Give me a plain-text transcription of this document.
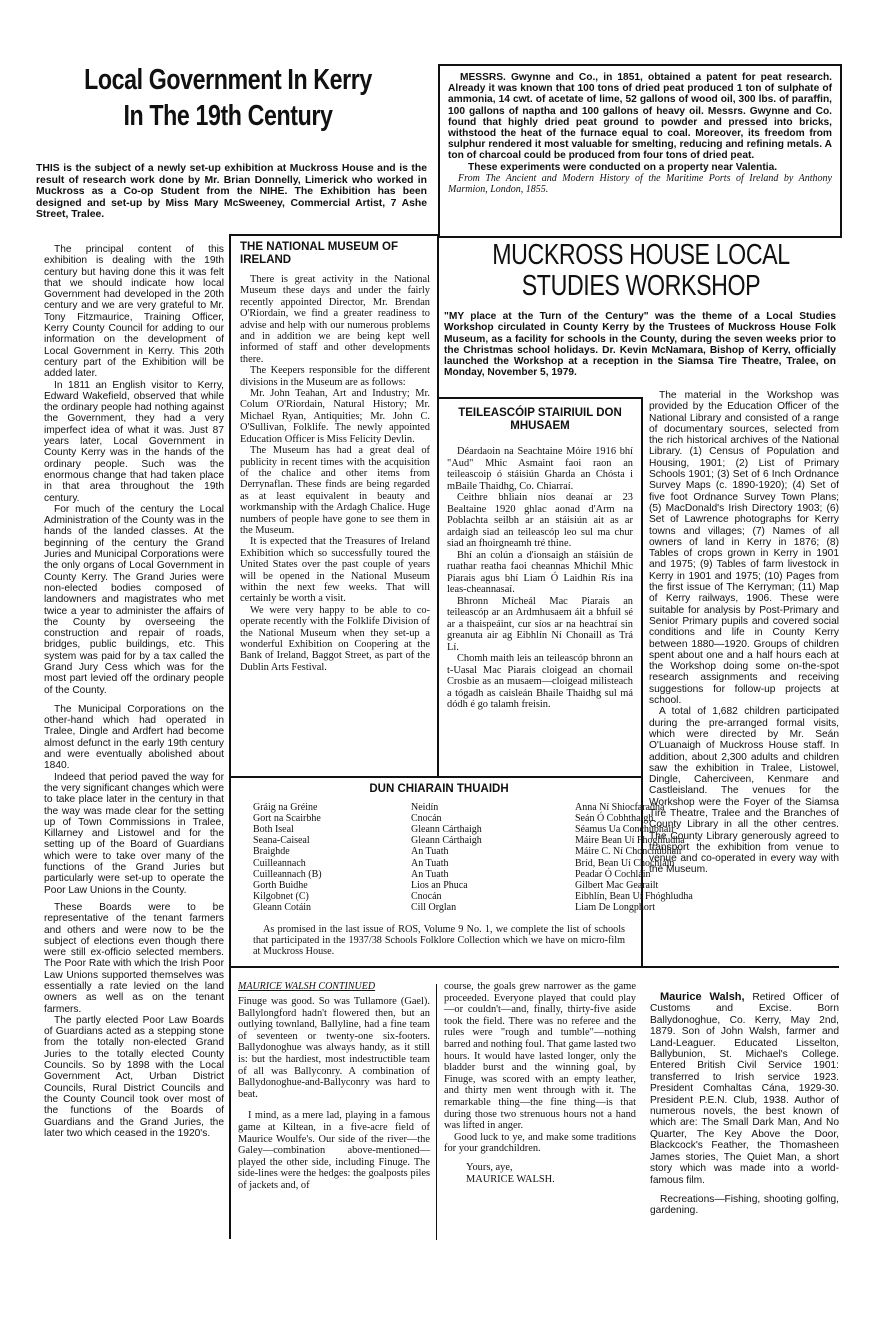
Local Government In Kerry
In The 19th Century

THIS is the subject of a newly set-up exhibition at Muckross House and is the result of research work done by Mr. Brian Donnelly, Limerick who worked in Muckross as a Co-op Student from the NIHE. The Exhibition has been designed and set-up by Miss Mary McSweeney, Commercial Artist, 7 Ashe Street, Tralee.

The principal content of this exhibition is dealing with the 19th century but having done this it was felt that we should indicate how local Government had developed in the 20th century and we are very grateful to Mr. Tony Fitzmaurice, Training Officer, Kerry County Council for adding to our information on the development of Local Government in Kerry. This 20th century part of the Exhibition will be added later.

In 1811 an English visitor to Kerry, Edward Wakefield, observed that while the ordinary people had nothing against the Government, they had a very imperfect idea of what it was. Just 87 years later, Local Government in County Kerry was in the hands of the ordinary people. Such was the enormous change that had taken place in that area throughout the 19th century.

For much of the century the Local Administration of the County was in the hands of the landed classes. At the beginning of the century the Grand Juries and Municipal Corporations were the only organs of Local Government in County Kerry. The Grand Juries were non-elected bodies composed of landowners and magistrates who met twice a year to administer the affairs of the County by overseeing the construction and repair of roads, bridges, public buildings, etc. This system was paid for by a tax called the Grand Jury Cess which was for the most part levied off the ordinary people of the County.

The Municipal Corporations on the other-hand which had operated in Tralee, Dingle and Ardfert had become almost defunct in the early 19th century and were eventually abolished about 1840.

Indeed that period paved the way for the very significant changes which were to take place later in the century in that the way was made clear for the setting up of Town Commissions in Tralee, Killarney and Listowel and for the setting up of the Board of Guardians which were to take over many of the functions of the Grand Juries but particularly were set-up to operate the Poor Law Unions in the County.

These Boards were to be representative of the tenant farmers and others and were now to be the subject of elections even though there were still ex-officio selected members. The Poor Rate with which the Irish Poor Law Unions supported themselves was essentially a rate levied on the land owners as well as on the tenant farmers.

The partly elected Poor Law Boards of Guardians acted as a stepping stone from the totally non-elected Grand Juries to the totally elected County Councils. So by 1898 with the Local Government Act, Urban District Councils, Rural District Councils and the County Council took over most of the functions of the Boards of Guardians and the Grand Juries, the later two which ceased in the 1920's.

MESSRS. Gwynne and Co., in 1851, obtained a patent for peat research. Already it was known that 100 tons of dried peat produced 1 ton of sulphate of ammonia, 14 cwt. of acetate of lime, 52 gallons of wood oil, 300 lbs. of paraffin, 100 gallons of naptha and 100 gallons of heavy oil. Messrs. Gwynne and Co. found that highly dried peat ground to powder and pressed into bricks, withstood the heat of the furnace equal to coal. Moreover, its freedom from sulphur rendered it most valuable for smelting, reducing and refining metals. A ton of charcoal could be produced from four tons of dried peat.

These experiments were conducted on a property near Valentia.

From The Ancient and Modern History of the Maritime Ports of Ireland by Anthony Marmion, London, 1855.

THE NATIONAL MUSEUM OF IRELAND

There is great activity in the National Museum these days and under the fairly recently appointed Director, Mr. Brendan O'Riordain, we find a greater readiness to advise and help with our numerous problems and in addition we are being kept well informed of staff and other developments there.

The Keepers responsible for the different divisions in the Museum are as follows:

Mr. John Teahan, Art and Industry; Mr. Colum O'Riordain, Natural History; Mr. Michael Ryan, Antiquities; Mr. John C. O'Sullivan, Folklife. The newly appointed Education Officer is Miss Felicity Devlin.

The Museum has had a great deal of publicity in recent times with the acquisition of the chalice and other items from Derrynaflan. These finds are being regarded as at least equivalent in beauty and workmanship with the Ardagh Chalice. Huge numbers of people have gone to see them in the Museum.

It is expected that the Treasures of Ireland Exhibition which so successfully toured the United States over the past couple of years will be opened in the National Museum within the next few weeks. That will certainly be worth a visit.

We were very happy to be able to co-operate recently with the Folklife Division of the National Museum when they set-up a wonderful Exhibition on Coopering at the Bank of Ireland, Baggot Street, as part of the Dublin Arts Festival.

MUCKROSS HOUSE LOCAL
STUDIES WORKSHOP

"MY place at the Turn of the Century" was the theme of a Local Studies Workshop circulated in County Kerry by the Trustees of Muckross House Folk Museum, as a facility for schools in the County, during the seven weeks prior to the Christmas school holidays. Dr. Kevin McNamara, Bishop of Kerry, officially launched the Workshop at a reception in the Siamsa Tire Theatre, Tralee, on Monday, November 5, 1979.

The material in the Workshop was provided by the Education Officer of the National Library and consisted of a range of documentary sources, selected from the rich historical archives of the National Library. (1) Census of Population and Housing, 1901; (2) List of Primary Schools 1901; (3) Set of 6 Inch Ordnance Survey Maps (c. 1890-1920); (4) Set of five foot Ordnance Survey Town Plans; (5) MacDonald's Irish Directory 1903; (6) Set of Lawrence photographs for Kerry towns and villages; (7) Names of all owners of land in Kerry in 1876; (8) Tables of crops grown in Kerry in 1901 and 1975; (9) Tables of farm livestock in Kerry in 1901 and 1975; (10) Pages from the first issue of The Kerryman; (11) Map of Kerry railways, 1906. These were suitable for analysis by Post-Primary and Senior Primary pupils and covered social conditions and life in County Kerry between 1880—1920. Groups of children spent about one and a half hours each at the Workshop doing some on-the-spot research assignments and receiving suggestions for follow-up projects at school.

A total of 1,682 children participated during the pre-arranged formal visits, which were directed by Mr. Seán O'Luanaigh of Muckross House staff. In addition, about 2,300 adults and children saw the exhibition in Tralee, Listowel, Dingle, Caherciveen, Kenmare and Castleisland. The venues for the Workshop were the Foyer of the Siamsa Tire Theatre, Tralee and the Branches of County Library in all the other centres. The County Library generously agreed to transport the exhibition from venue to venue and co-operated in every way with the Museum.

TEILEASCÓIP STAIRIUIL DON MHUSAEM

Déardaoin na Seachtaine Móire 1916 bhí "Aud" Mhic Asmaint faoi raon an teileascoip ó stáisiún Gharda an Chósta i mBaile Thaidhg, Co. Chiarraí.

Ceithre bhliain níos deanaí ar 23 Bealtaine 1920 ghlac aonad d'Arm na Poblachta seilbh ar an stáisiún ait as ar ardaigh siad an teileascóp leo sul ma chur siad an fhoirgneamh tré thine.

Bhí an colún a d'ionsaigh an stáisiún de ruathar reatha faoi cheannas Mhichil Mhic Piarais agus bhí Liam Ó Laidhin Rís ina leas-cheannasaí.

Bhronn Mícheál Mac Piarais an teileascóp ar an Ardmhusaem áit a bhfuil sé ar a thaispeáint, cur síos ar na heachtraí sin greanuta air ag Eibhlín Ní Chonaill as Trá Lí.

Chomh maith leis an teileascóp bhronn an t-Uasal Mac Piarais cloigead an chornail Crosbie as an musaem—cloigead milisteach a tógadh as caisleán Bhaile Thaidhg sul má dódh é go talamh freisin.

DUN CHIARAIN THUAIDH
Gráig na Gréine	Neidín	Anna Ní Shiocfaradha
Gort na Scairbhe	Cnocán	Seán Ó Cobhthaigh
Both Iseal	Gleann Cárthaigh	Séamus Ua Conchubhair
Seana-Caiseal	Gleann Cárthaigh	Máire Bean Uí Fhoghludha
Braighde	An Tuath	Máire C. Ní Chonchubhair
Cuilleannach	An Tuath	Bríd, Bean Uí Chochláin
Cuilleannach (B)	An Tuath	Peadar Ó Cochláin
Gorth Buidhe	Lios an Phuca	Gilbert Mac Gearailt
Kilgobnet (C)	Cnocán	Eibhlín, Bean Uí Fhóghludha
Gleann Cotáin	Cill Orglan	Liam De Longphort

As promised in the last issue of ROS, Volume 9 No. 1, we complete the list of schools that participated in the 1937/38 Schools Folklore Collection which we have on micro-film at Muckross House.

MAURICE WALSH CONTINUED

Finuge was good. So was Tullamore (Gael). Ballylongford hadn't flowered then, but an outlying townland, Ballyline, had a fine team of seventeen or twenty-one six-footers. Ballydonoghue was always handy, as it still is: but the hardiest, most indestructible team of all was Ballyconry. A combination of Ballydonoghue-and-Ballyconry was hard to beat.

I mind, as a mere lad, playing in a famous game at Kiltean, in a five-acre field of Maurice Woulfe's. Our side of the river—the Galey—combination above-mentioned—played the other side, including Finuge. The side-lines were the hedges: the goalposts piles of jackets and, of

course, the goals grew narrower as the game proceeded. Everyone played that could play—or couldn't—and, finally, thirty-five aside took the field. There was no referee and the rules were "rough and tumble"—nothing barred and nothing foul. That game lasted two hours. It would have lasted longer, only the bladder burst and the winning goal, by Finuge, was scored with an empty leather, and thirty men went through with it. The remarkable thing—the fine thing—is that during those two strenuous hours not a hand was lifted in anger.

Good luck to ye, and make some traditions for your grandchildren.

Yours, aye,
MAURICE WALSH.

Maurice Walsh, Retired Officer of Customs and Excise. Born Ballydonoghue, Co. Kerry, May 2nd, 1879. Son of John Walsh, farmer and Land-Leaguer. Educated Lisselton, Ballybunion, St. Michael's College. Entered British Civil Service 1901: transferred to Irish service 1923. President Comhaltas Cána, 1929-30. President P.E.N. Club, 1938. Author of numerous novels, the best known of which are: The Small Dark Man, And No Quarter, The Key Above the Door, Blackcock's Feather, the Thomasheen James stories, The Quiet Man, a short story which was made into a world-famous film.

Recreations—Fishing, shooting golfing, gardening.
